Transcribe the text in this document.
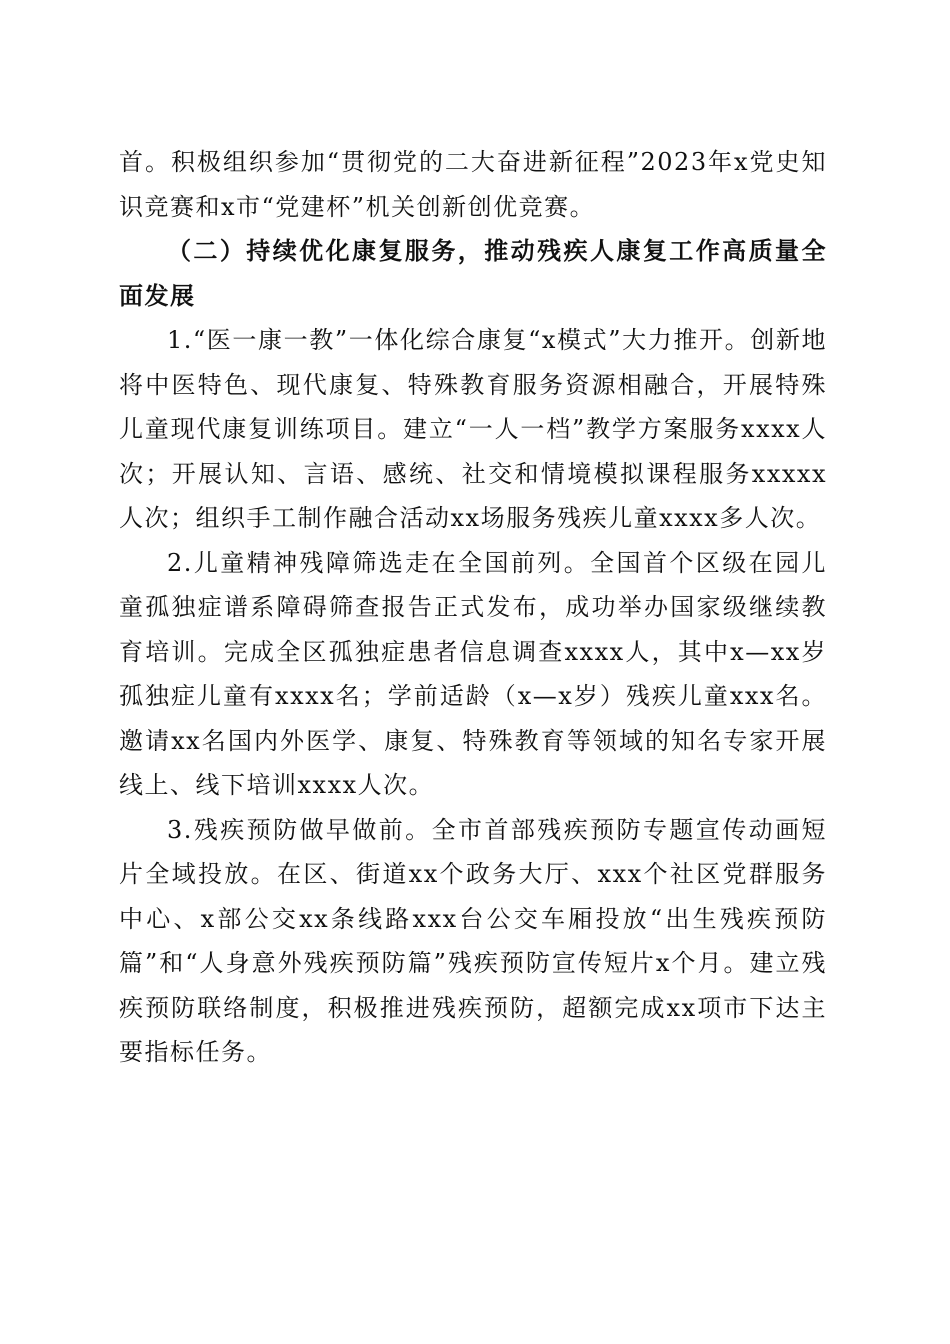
首。积极组织参加“贯彻党的二大奋进新征程”2023年x党史知识竞赛和x市“党建杯”机关创新创优竞赛。

（二）持续优化康复服务，推动残疾人康复工作高质量全面发展

1.“医一康一教”一体化综合康复“x模式”大力推开。创新地将中医特色、现代康复、特殊教育服务资源相融合，开展特殊儿童现代康复训练项目。建立“一人一档”教学方案服务xxxx人次；开展认知、言语、感统、社交和情境模拟课程服务xxxxx人次；组织手工制作融合活动xx场服务残疾儿童xxxx多人次。

2.儿童精神残障筛选走在全国前列。全国首个区级在园儿童孤独症谱系障碍筛查报告正式发布，成功举办国家级继续教育培训。完成全区孤独症患者信息调查xxxx人，其中x—xx岁孤独症儿童有xxxx名；学前适龄（x—x岁）残疾儿童xxx名。邀请xx名国内外医学、康复、特殊教育等领域的知名专家开展线上、线下培训xxxx人次。

3.残疾预防做早做前。全市首部残疾预防专题宣传动画短片全域投放。在区、街道xx个政务大厅、xxx个社区党群服务中心、x部公交xx条线路xxx台公交车厢投放“出生残疾预防篇”和“人身意外残疾预防篇”残疾预防宣传短片x个月。建立残疾预防联络制度，积极推进残疾预防，超额完成xx项市下达主要指标任务。
